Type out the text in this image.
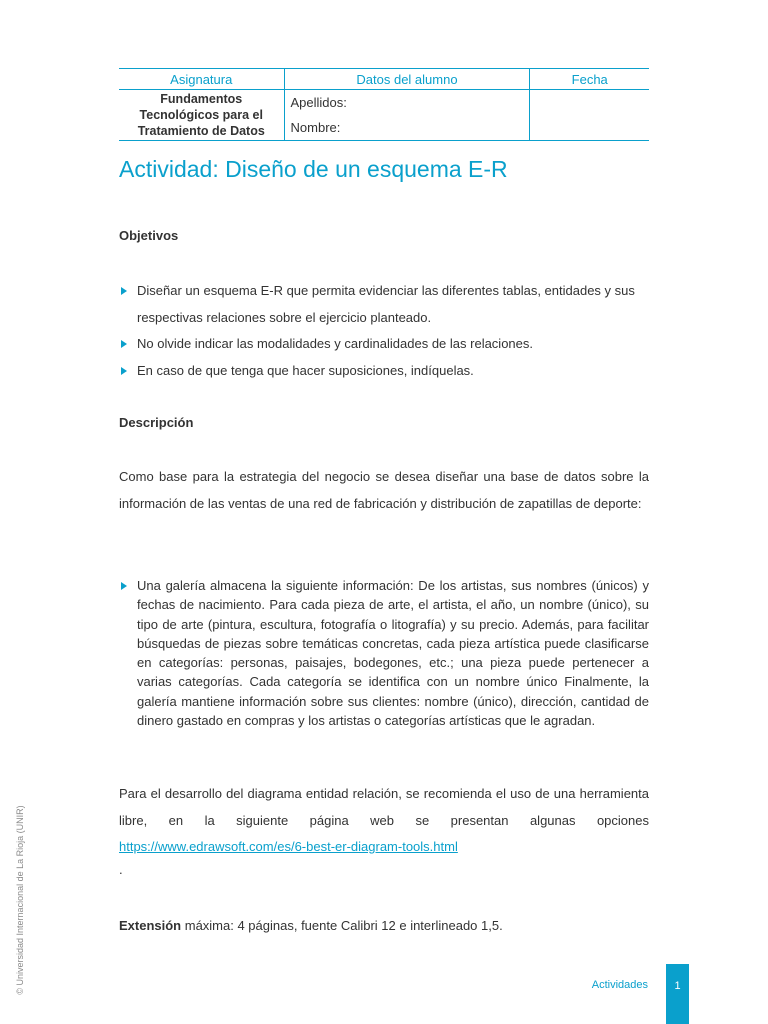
© Universidad Internacional de La Rioja (UNIR)
Asignatura	Datos del alumno	Fecha
Fundamentos Tecnológicos para el Tratamiento de Datos	Apellidos:
Nombre:	

Actividad: Diseño de un esquema E-R
Objetivos
Diseñar un esquema E-R que permita evidenciar las diferentes tablas, entidades y sus respectivas relaciones sobre el ejercicio planteado.
No olvide indicar las modalidades y cardinalidades de las relaciones.
En caso de que tenga que hacer suposiciones, indíquelas.
Descripción

Como base para la estrategia del negocio se desea diseñar una base de datos sobre la información de las ventas de una red de fabricación y distribución de zapatillas de deporte:

Una galería almacena la siguiente información: De los artistas, sus nombres (únicos) y fechas de nacimiento. Para cada pieza de arte, el artista, el año, un nombre (único), su tipo de arte (pintura, escultura, fotografía o litografía) y su precio. Además, para facilitar búsquedas de piezas sobre temáticas concretas, cada pieza artística puede clasificarse en categorías: personas, paisajes, bodegones, etc.; una pieza puede pertenecer a varias categorías. Cada categoría se identifica con un nombre único Finalmente, la galería mantiene información sobre sus clientes: nombre (único), dirección, cantidad de dinero gastado en compras y los artistas o categorías artísticas que le agradan.

Para el desarrollo del diagrama entidad relación, se recomienda el uso de una herramienta libre, en la siguiente página web se presentan algunas opciones https://www.edrawsoft.com/es/6-best-er-diagram-tools.html

.

Extensión máxima: 4 páginas, fuente Calibri 12 e interlineado 1,5.

Actividades	1
